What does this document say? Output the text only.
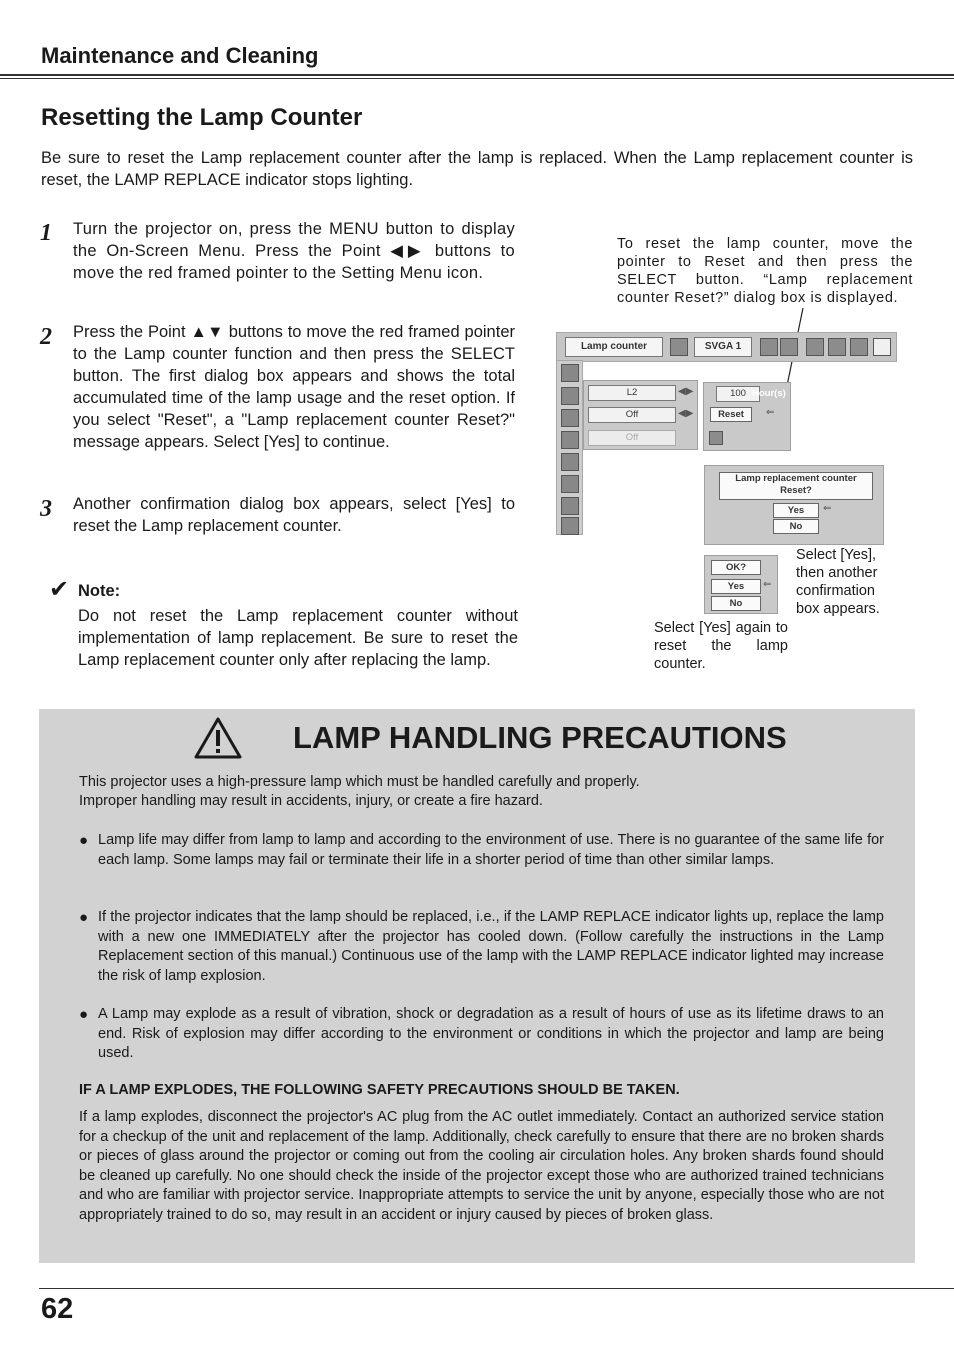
Maintenance and Cleaning
Resetting the Lamp Counter
Be sure to reset the Lamp replacement counter after the lamp is replaced. When the Lamp replacement counter is reset, the LAMP REPLACE indicator stops lighting.
1 Turn the projector on, press the MENU button to display the On-Screen Menu. Press the Point ◀▶ buttons to move the red framed pointer to the Setting Menu icon.
2 Press the Point ▲▼ buttons to move the red framed pointer to the Lamp counter function and then press the SELECT button. The first dialog box appears and shows the total accumulated time of the lamp usage and the reset option. If you select "Reset", a "Lamp replacement counter Reset?" message appears. Select [Yes] to continue.
3 Another confirmation dialog box appears, select [Yes] to reset the Lamp replacement counter.
✔ Note:
Do not reset the Lamp replacement counter without implementation of lamp replacement. Be sure to reset the Lamp replacement counter only after replacing the lamp.
To reset the lamp counter, move the pointer to Reset and then press the SELECT button. “Lamp replacement counter Reset?” dialog box is displayed.
Select [Yes], then another confirmation box appears.
Select [Yes] again to reset the lamp counter.
Lamp counter	SVGA 1
L2	◀▶
Off	◀▶
Off
100 Hour(s)
Reset	⇐
Lamp replacement counter
Reset?
Yes	⇐
No
OK?
Yes	⇐
No
LAMP HANDLING PRECAUTIONS
This projector uses a high-pressure lamp which must be handled carefully and properly.
Improper handling may result in accidents, injury, or create a fire hazard.
● Lamp life may differ from lamp to lamp and according to the environment of use. There is no guarantee of the same life for each lamp. Some lamps may fail or terminate their life in a shorter period of time than other similar lamps.
● If the projector indicates that the lamp should be replaced, i.e., if the LAMP REPLACE indicator lights up, replace the lamp with a new one IMMEDIATELY after the projector has cooled down. (Follow carefully the instructions in the Lamp Replacement section of this manual.) Continuous use of the lamp with the LAMP REPLACE indicator lighted may increase the risk of lamp explosion.
● A Lamp may explode as a result of vibration, shock or degradation as a result of hours of use as its lifetime draws to an end. Risk of explosion may differ according to the environment or conditions in which the projector and lamp are being used.
IF A LAMP EXPLODES, THE FOLLOWING SAFETY PRECAUTIONS SHOULD BE TAKEN.
If a lamp explodes, disconnect the projector's AC plug from the AC outlet immediately. Contact an authorized service station for a checkup of the unit and replacement of the lamp. Additionally, check carefully to ensure that there are no broken shards or pieces of glass around the projector or coming out from the cooling air circulation holes. Any broken shards found should be cleaned up carefully. No one should check the inside of the projector except those who are authorized trained technicians and who are familiar with projector service. Inappropriate attempts to service the unit by anyone, especially those who are not appropriately trained to do so, may result in an accident or injury caused by pieces of broken glass.
62
